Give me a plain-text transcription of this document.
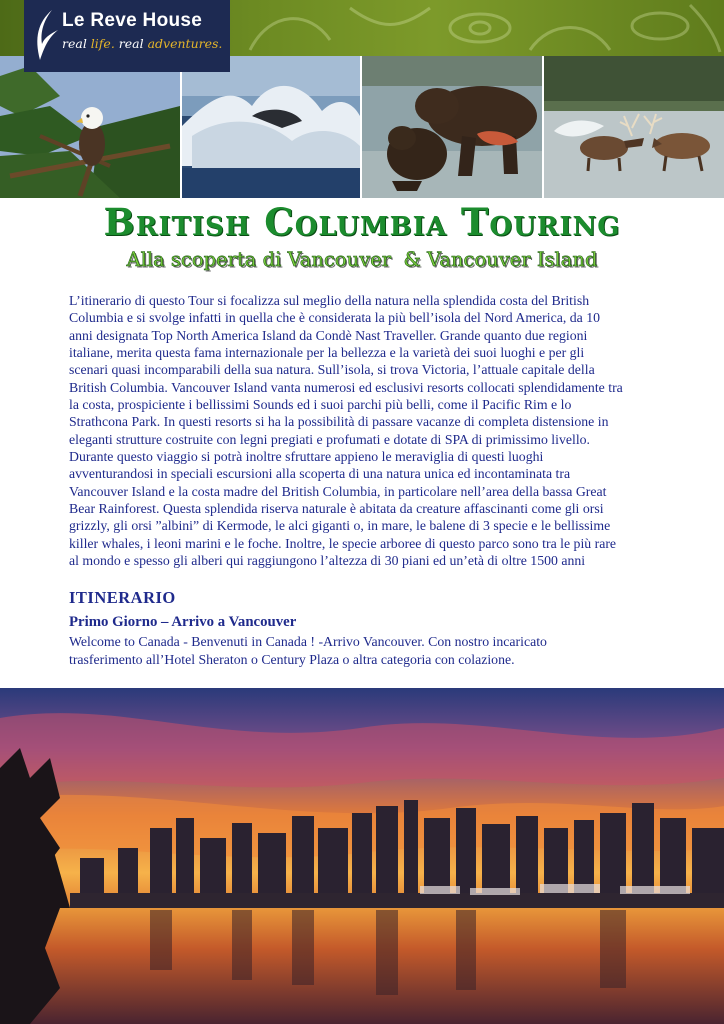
Le Reve House
real life. real adventures.
British Columbia Touring
Alla scoperta di Vancouver  & Vancouver Island

L’itinerario di questo Tour si focalizza sul meglio della natura nella splendida costa del British
Columbia e si svolge infatti in quella che è considerata la più bell’isola del Nord America, da 10
anni designata Top North America Island da Condè Nast Traveller. Grande quanto due regioni
italiane, merita questa fama internazionale per la bellezza e la varietà dei suoi luoghi e per gli
scenari quasi incomparabili della sua natura. Sull’isola, si trova Victoria, l’attuale capitale della
British Columbia. Vancouver Island vanta numerosi ed esclusivi resorts collocati splendidamente tra
la costa, prospiciente i bellissimi Sounds ed i suoi parchi più belli, come il Pacific Rim e lo
Strathcona Park. In questi resorts si ha la possibilità di passare vacanze di completa distensione in
eleganti strutture costruite con legni pregiati e profumati e dotate di SPA di primissimo livello.
Durante questo viaggio si potrà inoltre sfruttare appieno le meraviglia di questi luoghi
avventurandosi in speciali escursioni alla scoperta di una natura unica ed incontaminata tra
Vancouver Island e la costa madre del British Columbia, in particolare nell’area della bassa Great
Bear Rainforest. Questa splendida riserva naturale è abitata da creature affascinanti come gli orsi
grizzly, gli orsi ”albini” di Kermode, le alci giganti o, in mare, le balene di 3 specie e le bellissime
killer whales, i leoni marini e le foche. Inoltre, le specie arboree di questo parco sono tra le più rare
al mondo e spesso gli alberi qui raggiungono l’altezza di 30 piani ed un’età di oltre 1500 anni

ITINERARIO
Primo Giorno – Arrivo a Vancouver

Welcome to Canada - Benvenuti in Canada ! -Arrivo Vancouver. Con nostro incaricato
trasferimento all’Hotel Sheraton o Century Plaza o altra categoria con colazione.
